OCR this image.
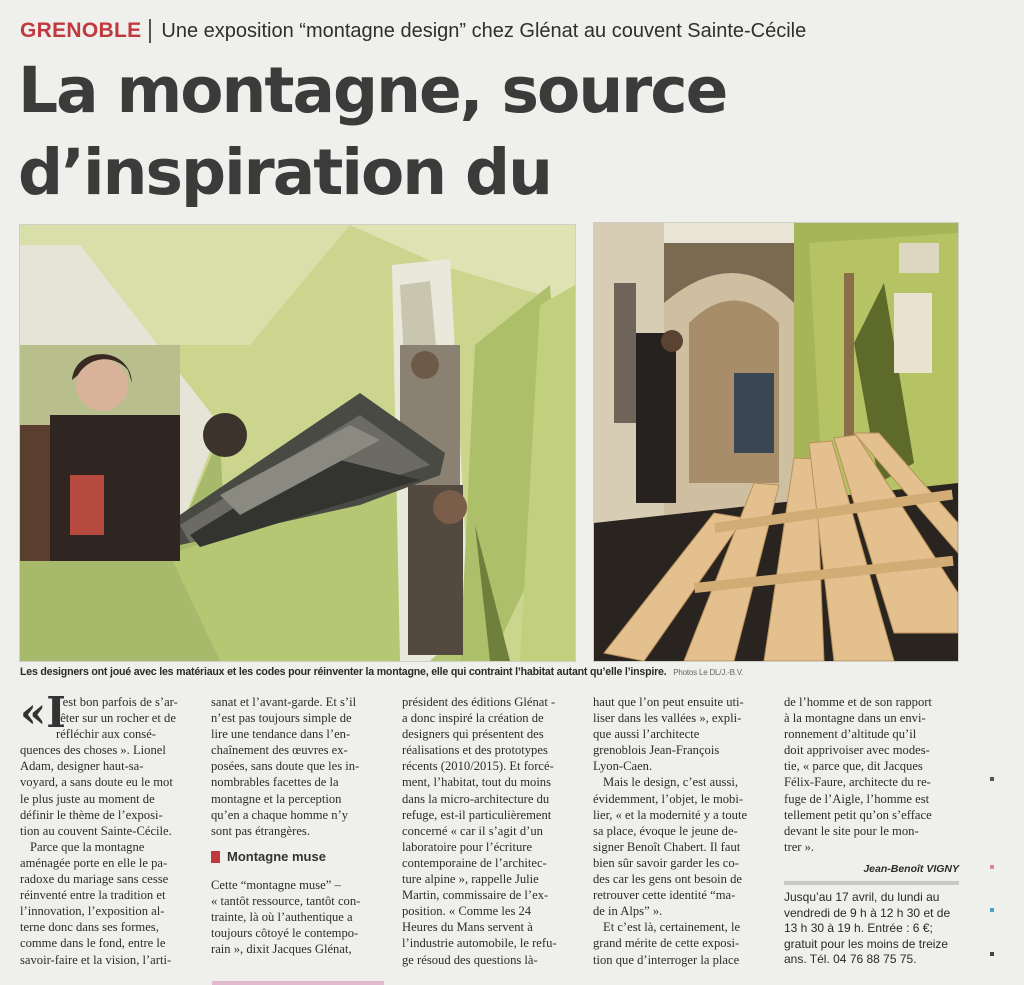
GRENOBLE Une exposition “montagne design” chez Glénat au couvent Sainte-Cécile
La montagne, source
d’inspiration du
Les designers ont joué avec les matériaux et les codes pour réinventer la montagne, elle qui contraint l’habitat autant qu’elle l’inspire. Photos Le DL/J.-B.V.
«I
l est bon parfois de s’ar-
rêter sur un rocher et de
réfléchir aux consé-
quences des choses ». Lionel
Adam, designer haut-sa-
voyard, a sans doute eu le mot
le plus juste au moment de
définir le thème de l’exposi-
tion au couvent Sainte-Cécile.
Parce que la montagne
aménagée porte en elle le pa-
radoxe du mariage sans cesse
réinventé entre la tradition et
l’innovation, l’exposition al-
terne donc dans ses formes,
comme dans le fond, entre le
savoir-faire et la vision, l’arti-
sanat et l’avant-garde. Et s’il
n’est pas toujours simple de
lire une tendance dans l’en-
chaînement des œuvres ex-
posées, sans doute que les in-
nombrables facettes de la
montagne et la perception
qu’en a chaque homme n’y
sont pas étrangères.
Montagne muse
Cette “montagne muse” –
« tantôt ressource, tantôt con-
trainte, là où l’authentique a
toujours côtoyé le contempo-
rain », dixit Jacques Glénat,
président des éditions Glénat -
a donc inspiré la création de
designers qui présentent des
réalisations et des prototypes
récents (2010/2015). Et forcé-
ment, l’habitat, tout du moins
dans la micro-architecture du
refuge, est-il particulièrement
concerné « car il s’agit d’un
laboratoire pour l’écriture
contemporaine de l’architec-
ture alpine », rappelle Julie
Martin, commissaire de l’ex-
position. « Comme les 24
Heures du Mans servent à
l’industrie automobile, le refu-
ge résoud des questions là-
haut que l’on peut ensuite uti-
liser dans les vallées », expli-
que aussi l’architecte
grenoblois Jean-François
Lyon-Caen.
Mais le design, c’est aussi,
évidemment, l’objet, le mobi-
lier, « et la modernité y a toute
sa place, évoque le jeune de-
signer Benoît Chabert. Il faut
bien sûr savoir garder les co-
des car les gens ont besoin de
retrouver cette identité “ma-
de in Alps” ».
Et c’est là, certainement, le
grand mérite de cette exposi-
tion que d’interroger la place
de l’homme et de son rapport
à la montagne dans un envi-
ronnement d’altitude qu’il
doit apprivoiser avec modes-
tie, « parce que, dit Jacques
Félix-Faure, architecte du re-
fuge de l’Aigle, l’homme est
tellement petit qu’on s’efface
devant le site pour le mon-
trer ».
Jean-Benoît VIGNY
Jusqu’au 17 avril, du lundi au
vendredi de 9 h à 12 h 30 et de
13 h 30 à 19 h. Entrée : 6 €;
gratuit pour les moins de treize
ans. Tél. 04 76 88 75 75.
